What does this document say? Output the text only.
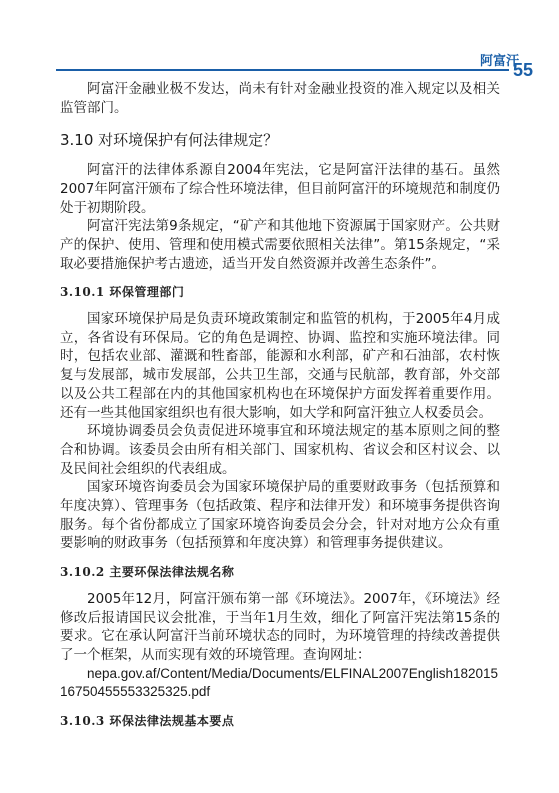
阿富汗
55

阿富汗金融业极不发达，尚未有针对金融业投资的准入规定以及相关监管部门。

3.10 对环境保护有何法律规定？

阿富汗的法律体系源自2004年宪法，它是阿富汗法律的基石。虽然2007年阿富汗颁布了综合性环境法律，但目前阿富汗的环境规范和制度仍处于初期阶段。

阿富汗宪法第9条规定，“矿产和其他地下资源属于国家财产。公共财产的保护、使用、管理和使用模式需要依照相关法律”。第15条规定，“采取必要措施保护考古遗迹，适当开发自然资源并改善生态条件”。

3.10.1 环保管理部门

国家环境保护局是负责环境政策制定和监管的机构，于2005年4月成立，各省设有环保局。它的角色是调控、协调、监控和实施环境法律。同时，包括农业部、灌溉和牲畜部，能源和水利部，矿产和石油部，农村恢复与发展部，城市发展部，公共卫生部，交通与民航部，教育部，外交部以及公共工程部在内的其他国家机构也在环境保护方面发挥着重要作用。还有一些其他国家组织也有很大影响，如大学和阿富汗独立人权委员会。

环境协调委员会负责促进环境事宜和环境法规定的基本原则之间的整合和协调。该委员会由所有相关部门、国家机构、省议会和区村议会、以及民间社会组织的代表组成。

国家环境咨询委员会为国家环境保护局的重要财政事务（包括预算和年度决算）、管理事务（包括政策、程序和法律开发）和环境事务提供咨询服务。每个省份都成立了国家环境咨询委员会分会，针对对地方公众有重要影响的财政事务（包括预算和年度决算）和管理事务提供建议。

3.10.2 主要环保法律法规名称

2005年12月，阿富汗颁布第一部《环境法》。2007年，《环境法》经修改后报请国民议会批准，于当年1月生效，细化了阿富汗宪法第15条的要求。它在承认阿富汗当前环境状态的同时，为环境管理的持续改善提供了一个框架，从而实现有效的环境管理。查询网址：

nepa.gov.af/Content/Media/Documents/ELFINAL2007English1820151675045555332532​5.pdf

3.10.3 环保法律法规基本要点
